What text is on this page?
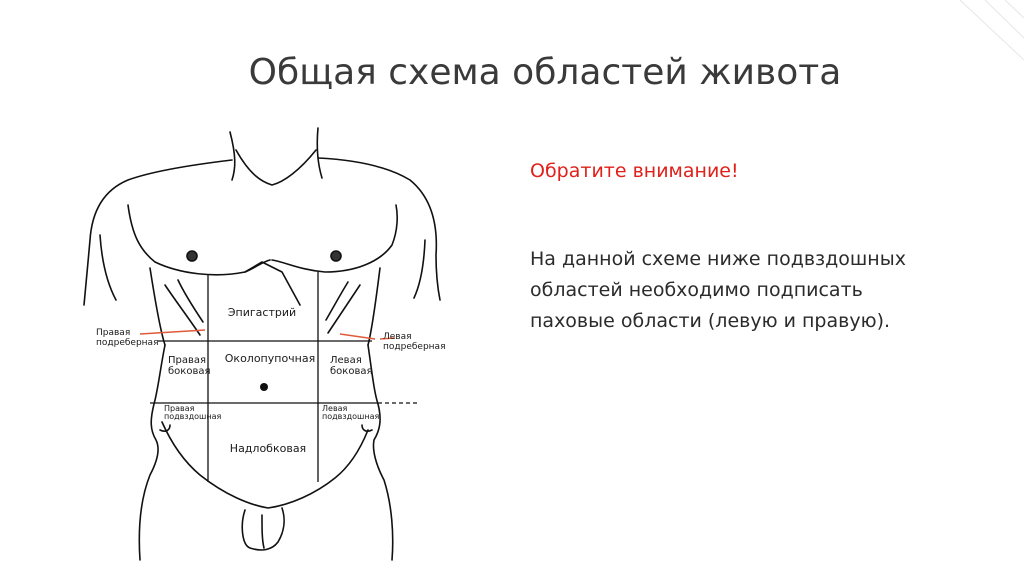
Общая схема областей живота

Обратите внимание!

На данной схеме ниже подвздошных областей необходимо подписать паховые области (левую и правую).

Эпигастрий
Околопупочная
Надлобковая
Правая
боковая
Левая
боковая
Правая
подвздошная
Левая
подвздошная
Правая
подреберная
Левая
подреберная
